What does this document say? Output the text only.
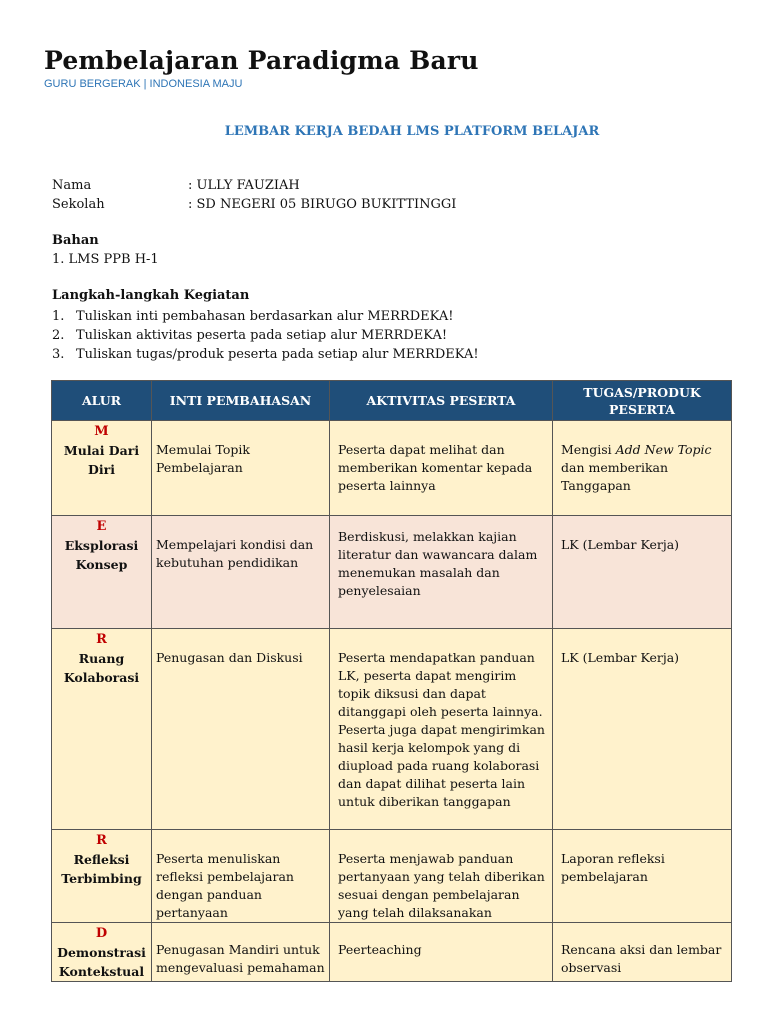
Pembelajaran Paradigma Baru
GURU BERGERAK | INDONESIA MAJU
LEMBAR KERJA BEDAH LMS PLATFORM BELAJAR
Nama	: ULLY FAUZIAH
Sekolah	: SD NEGERI 05 BIRUGO BUKITTINGGI
Bahan
1. LMS PPB H-1
Langkah-langkah Kegiatan
1. Tuliskan inti pembahasan berdasarkan alur MERRDEKA!
2. Tuliskan aktivitas peserta pada setiap alur MERRDEKA!
3. Tuliskan tugas/produk peserta pada setiap alur MERRDEKA!
ALUR	INTI PEMBAHASAN	AKTIVITAS PESERTA	TUGAS/PRODUK PESERTA

M
Mulai Dari Diri	Memulai Topik Pembelajaran	Peserta dapat melihat dan memberikan komentar kepada peserta lainnya	Mengisi Add New Topic dan memberikan Tanggapan

E
Eksplorasi Konsep	Mempelajari kondisi dan kebutuhan pendidikan	Berdiskusi, melakkan kajian literatur dan wawancara dalam menemukan masalah dan penyelesaian	LK (Lembar Kerja)

R
Ruang Kolaborasi	Penugasan dan Diskusi	Peserta mendapatkan panduan LK, peserta dapat mengirim topik diksusi dan dapat ditanggapi oleh peserta lainnya. Peserta juga dapat mengirimkan hasil kerja kelompok yang di diupload pada ruang kolaborasi dan dapat dilihat peserta lain untuk diberikan tanggapan	LK (Lembar Kerja)

R
Refleksi Terbimbing	Peserta menuliskan refleksi pembelajaran dengan panduan pertanyaan	Peserta menjawab panduan pertanyaan yang telah diberikan sesuai dengan pembelajaran yang telah dilaksanakan	Laporan refleksi pembelajaran

D
Demonstrasi Kontekstual	Penugasan Mandiri untuk mengevaluasi pemahaman	Peerteaching	Rencana aksi dan lembar observasi
